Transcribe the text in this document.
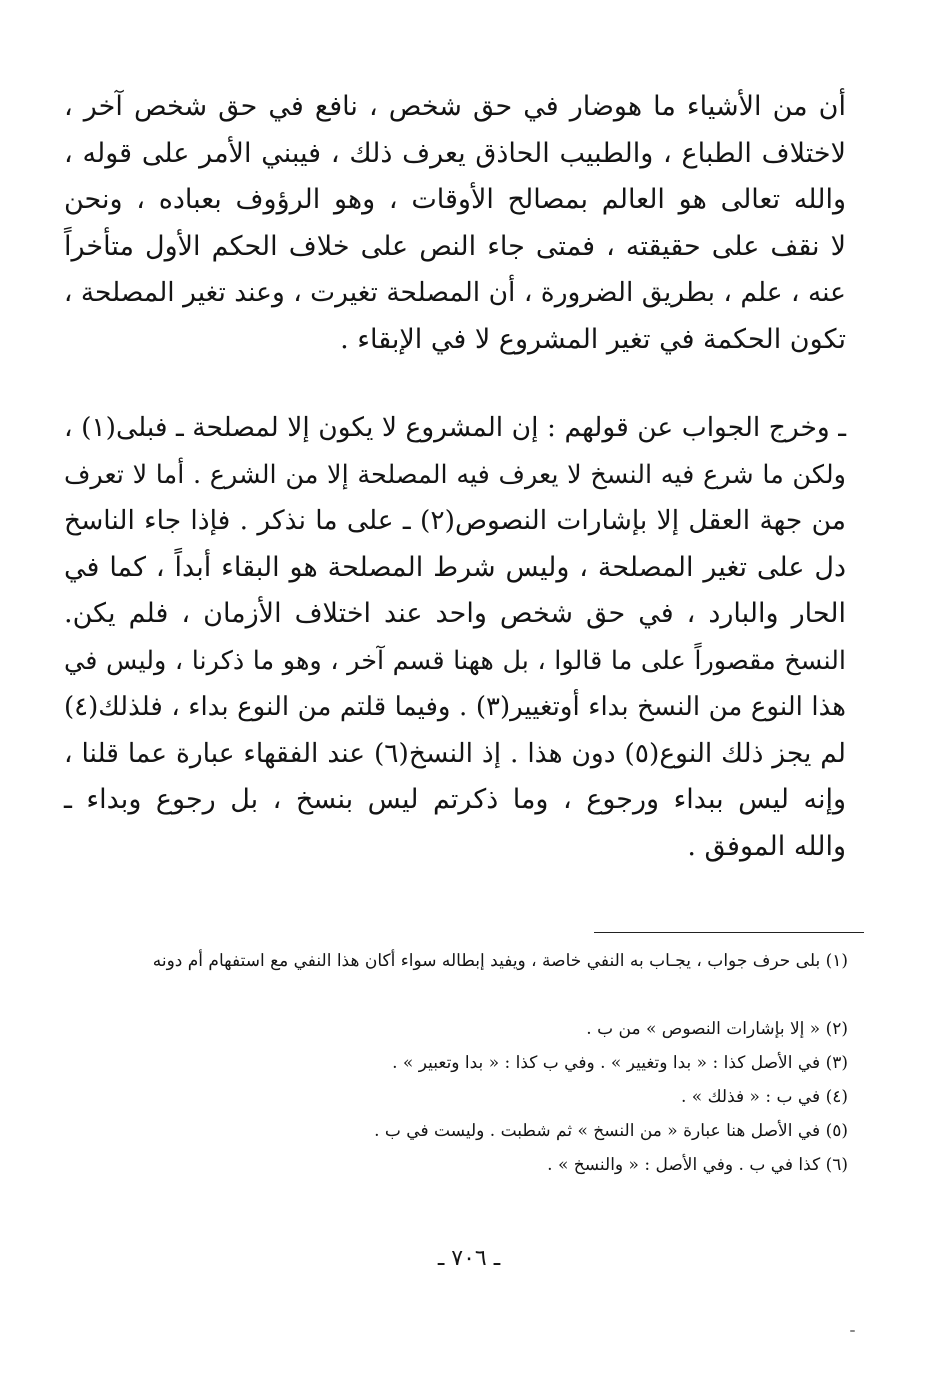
أن من الأشياء ما هوضار في حق شخص ، نافع في حق شخص آخر ،
لاختلاف الطباع ، والطبيب الحاذق يعرف ذلك ، فيبني الأمر على قوله ،
والله تعالى هو العالم بمصالح الأوقات ، وهو الرؤوف بعباده ، ونحن
لا نقف على حقيقته ، فمتى جاء النص على خلاف الحكم الأول متأخراً
عنه ، علم ، بطريق الضرورة ، أن المصلحة تغيرت ، وعند تغير المصلحة ،
تكون الحكمة في تغير المشروع لا في الإبقاء .
ـ وخرج الجواب عن قولهم : إن المشروع لا يكون إلا لمصلحة ـ فبلى(١) ،
ولكن ما شرع فيه النسخ لا يعرف فيه المصلحة إلا من الشرع . أما لا تعرف
من جهة العقل إلا بإشارات النصوص(٢) ـ على ما نذكر . فإذا جاء الناسخ
دل على تغير المصلحة ، وليس شرط المصلحة هو البقاء أبداً ، كما في
الحار والبارد ، في حق شخص واحد عند اختلاف الأزمان ، فلم يكن.
النسخ مقصوراً على ما قالوا ، بل ههنا قسم آخر ، وهو ما ذكرنا ، وليس في
هذا النوع من النسخ بداء أوتغيير(٣) . وفيما قلتم من النوع بداء ، فلذلك(٤)
لم يجز ذلك النوع(٥) دون هذا . إذ النسخ(٦) عند الفقهاء عبارة عما قلنا ،
وإنه ليس ببداء ورجوع ، وما ذكرتم ليس بنسخ ، بل رجوع وبداء ـ
والله الموفق .
(١) بلى حرف جواب ، يجـاب به النفي خاصة ، ويفيد إبطاله سواء أكان هذا النفي مع استفهام أم دونه
(٢) « إلا بإشارات النصوص » من ب .
(٣) في الأصل كذا : « بدا وتغيير » . وفي ب كذا : « بدا وتعبير » .
(٤) في ب : « فذلك » .
(٥) في الأصل هنا عبارة « من النسخ » ثم شطبت . وليست في ب .
(٦) كذا في ب . وفي الأصل : « والنسخ » .
ـ ٧٠٦ ـ
